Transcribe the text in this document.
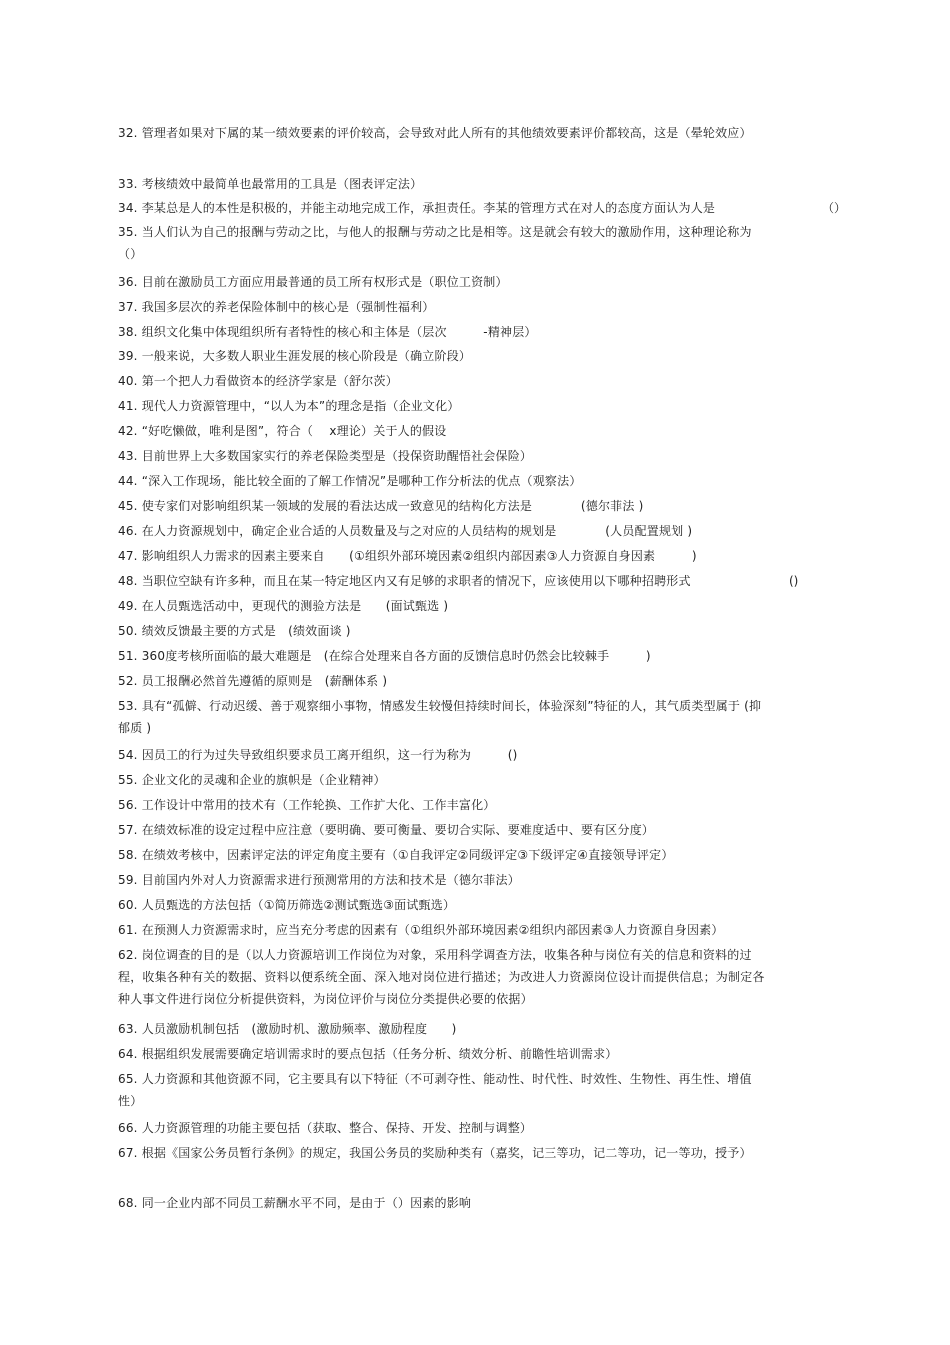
32. 管理者如果对下属的某一绩效要素的评价较高，会导致对此人所有的其他绩效要素评价都较高，这是（晕轮效应）
33. 考核绩效中最简单也最常用的工具是（图表评定法）
34. 李某总是人的本性是积极的，并能主动地完成工作，承担责任。李某的管理方式在对人的态度方面认为人是	（）
35. 当人们认为自己的报酬与劳动之比，与他人的报酬与劳动之比是相等。这是就会有较大的激励作用，这种理论称为（）
36. 目前在激励员工方面应用最普通的员工所有权形式是（职位工资制）
37. 我国多层次的养老保险体制中的核心是（强制性福利）
38. 组织文化集中体现组织所有者特性的核心和主体是（层次　　　-精神层）
39. 一般来说，大多数人职业生涯发展的核心阶段是（确立阶段）
40. 第一个把人力看做资本的经济学家是（舒尔茨）
41. 现代人力资源管理中，“以人为本”的理念是指（企业文化）
42. “好吃懒做，唯利是图”，符合（　 x理论）关于人的假设
43. 目前世界上大多数国家实行的养老保险类型是（投保资助醒悟社会保险）
44. “深入工作现场，能比较全面的了解工作情况”是哪种工作分析法的优点（观察法）
45. 使专家们对影响组织某一领域的发展的看法达成一致意见的结构化方法是　　　　(德尔菲法 )
46. 在人力资源规划中，确定企业合适的人员数量及与之对应的人员结构的规划是　　　　(人员配置规划 )
47. 影响组织人力需求的因素主要来自　　(①组织外部环境因素②组织内部因素③人力资源自身因素　　　)
48. 当职位空缺有许多种，而且在某一特定地区内又有足够的求职者的情况下，应该使用以下哪种招聘形式	()
49. 在人员甄选活动中，更现代的测验方法是　　(面试甄选 )
50. 绩效反馈最主要的方式是　(绩效面谈 )
51. 360度考核所面临的最大难题是　(在综合处理来自各方面的反馈信息时仍然会比较棘手　　　)
52. 员工报酬必然首先遵循的原则是　(薪酬体系 )
53. 具有“孤僻、行动迟缓、善于观察细小事物，情感发生较慢但持续时间长，体验深刻”特征的人，其气质类型属于 (抑郁质 )
54. 因员工的行为过失导致组织要求员工离开组织，这一行为称为　　　()
55. 企业文化的灵魂和企业的旗帜是（企业精神）
56. 工作设计中常用的技术有（工作轮换、工作扩大化、工作丰富化）
57. 在绩效标准的设定过程中应注意（要明确、要可衡量、要切合实际、要难度适中、要有区分度）
58. 在绩效考核中，因素评定法的评定角度主要有（①自我评定②同级评定③下级评定④直接领导评定）
59. 目前国内外对人力资源需求进行预测常用的方法和技术是（德尔菲法）
60. 人员甄选的方法包括（①简历筛选②测试甄选③面试甄选）
61. 在预测人力资源需求时，应当充分考虑的因素有（①组织外部环境因素②组织内部因素③人力资源自身因素）
62. 岗位调查的目的是（以人力资源培训工作岗位为对象，采用科学调查方法，收集各种与岗位有关的信息和资料的过程，收集各种有关的数据、资料以便系统全面、深入地对岗位进行描述；为改进人力资源岗位设计而提供信息；为制定各种人事文件进行岗位分析提供资料，为岗位评价与岗位分类提供必要的依据）
63. 人员激励机制包括　(激励时机、激励频率、激励程度　　)
64. 根据组织发展需要确定培训需求时的要点包括（任务分析、绩效分析、前瞻性培训需求）
65. 人力资源和其他资源不同，它主要具有以下特征（不可剥夺性、能动性、时代性、时效性、生物性、再生性、增值性）
66. 人力资源管理的功能主要包括（获取、整合、保持、开发、控制与调整）
67. 根据《国家公务员暂行条例》的规定，我国公务员的奖励种类有（嘉奖，记三等功，记二等功，记一等功，授予）
68. 同一企业内部不同员工薪酬水平不同，是由于（）因素的影响
